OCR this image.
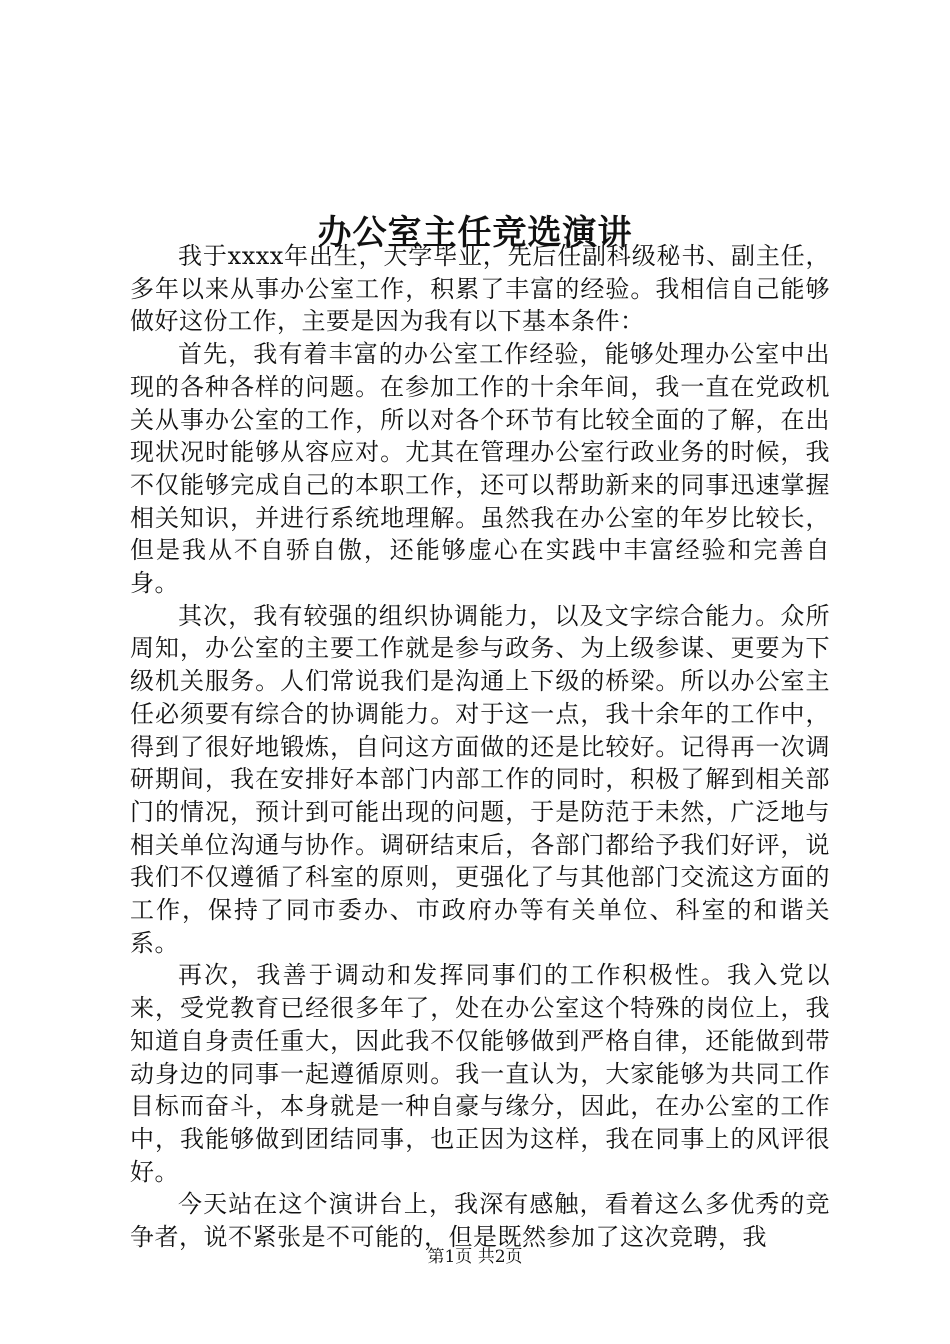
办公室主任竞选演讲

我于xxxx年出生，大学毕业，先后任副科级秘书、副主任，多年以来从事办公室工作，积累了丰富的经验。我相信自己能够做好这份工作，主要是因为我有以下基本条件：

首先，我有着丰富的办公室工作经验，能够处理办公室中出现的各种各样的问题。在参加工作的十余年间，我一直在党政机关从事办公室的工作，所以对各个环节有比较全面的了解，在出现状况时能够从容应对。尤其在管理办公室行政业务的时候，我不仅能够完成自己的本职工作，还可以帮助新来的同事迅速掌握相关知识，并进行系统地理解。虽然我在办公室的年岁比较长，但是我从不自骄自傲，还能够虚心在实践中丰富经验和完善自身。

其次，我有较强的组织协调能力，以及文字综合能力。众所周知，办公室的主要工作就是参与政务、为上级参谋、更要为下级机关服务。人们常说我们是沟通上下级的桥梁。所以办公室主任必须要有综合的协调能力。对于这一点，我十余年的工作中，得到了很好地锻炼，自问这方面做的还是比较好。记得再一次调研期间，我在安排好本部门内部工作的同时，积极了解到相关部门的情况，预计到可能出现的问题，于是防范于未然，广泛地与相关单位沟通与协作。调研结束后，各部门都给予我们好评，说我们不仅遵循了科室的原则，更强化了与其他部门交流这方面的工作，保持了同市委办、市政府办等有关单位、科室的和谐关系。

再次，我善于调动和发挥同事们的工作积极性。我入党以来，受党教育已经很多年了，处在办公室这个特殊的岗位上，我知道自身责任重大，因此我不仅能够做到严格自律，还能做到带动身边的同事一起遵循原则。我一直认为，大家能够为共同工作目标而奋斗，本身就是一种自豪与缘分，因此，在办公室的工作中，我能够做到团结同事，也正因为这样，我在同事上的风评很好。

今天站在这个演讲台上，我深有感触，看着这么多优秀的竞争者，说不紧张是不可能的，但是既然参加了这次竞聘，我

第1页 共2页
